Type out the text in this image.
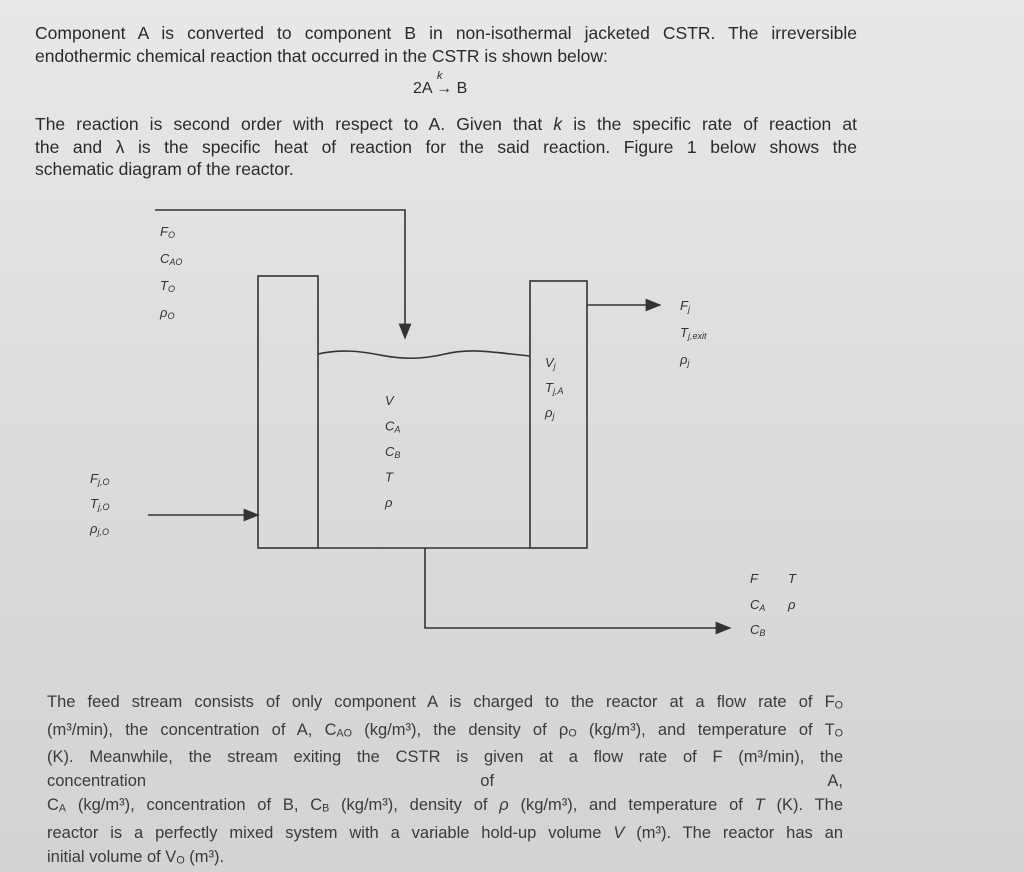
Component A is converted to component B in non-isothermal jacketed CSTR. The irreversible
endothermic chemical reaction that occurred in the CSTR is shown below:
2A
k
→ B
The reaction is second order with respect to A. Given that k is the specific rate of reaction at
the and λ is the specific heat of reaction for the said reaction. Figure 1 below shows the
schematic diagram of the reactor.
FO
CAO
TO
ρO
Fj
Tj,exit
ρj
Vj
Tj,A
ρj
V
CA
CB
T
ρ
Fj,O
Tj,O
ρj,O
F T
CA ρ
CB
The feed stream consists of only component A is charged to the reactor at a flow rate of FO
(m³/min), the concentration of A, CAO (kg/m³), the density of ρO (kg/m³), and temperature of TO
(K). Meanwhile, the stream exiting the CSTR is given at a flow rate of F (m³/min), the
concentration of A,
CA (kg/m³), concentration of B, CB (kg/m³), density of ρ (kg/m³), and temperature of T (K). The
reactor is a perfectly mixed system with a variable hold-up volume V (m³). The reactor has an
initial volume of VO (m³).
